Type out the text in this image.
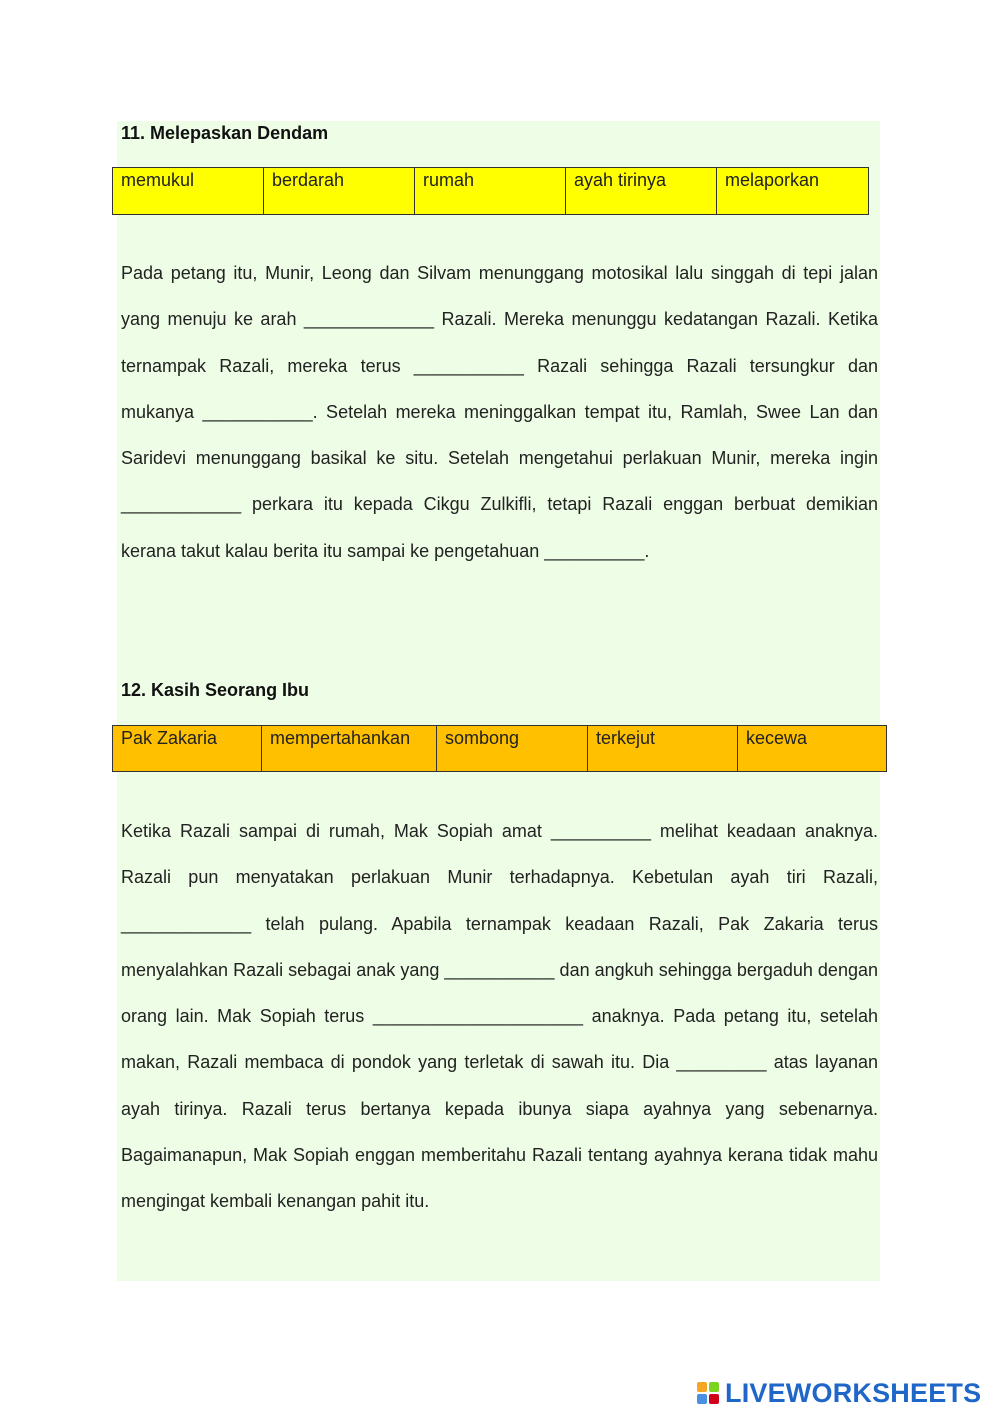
11. Melepaskan Dendam
memukul	berdarah	rumah	ayah tirinya	melaporkan
Pada petang itu, Munir, Leong dan Silvam menunggang motosikal lalu singgah di tepi jalan yang menuju ke arah _____________ Razali. Mereka menunggu kedatangan Razali. Ketika ternampak Razali, mereka terus ___________ Razali sehingga Razali tersungkur dan mukanya ___________. Setelah mereka meninggalkan tempat itu, Ramlah, Swee Lan dan Saridevi menunggang basikal ke situ. Setelah mengetahui perlakuan Munir, mereka ingin ____________ perkara itu kepada Cikgu Zulkifli, tetapi Razali enggan berbuat demikian kerana takut kalau berita itu sampai ke pengetahuan __________.
12. Kasih Seorang Ibu
Pak Zakaria	mempertahankan	sombong	terkejut	kecewa
Ketika Razali sampai di rumah, Mak Sopiah amat __________ melihat keadaan anaknya. Razali pun menyatakan perlakuan Munir terhadapnya. Kebetulan ayah tiri Razali, _____________ telah pulang. Apabila ternampak keadaan Razali, Pak Zakaria terus menyalahkan Razali sebagai anak yang ___________ dan angkuh sehingga bergaduh dengan orang lain. Mak Sopiah terus _____________________ anaknya. Pada petang itu, setelah makan, Razali membaca di pondok yang terletak di sawah itu. Dia _________ atas layanan ayah tirinya. Razali terus bertanya kepada ibunya siapa ayahnya yang sebenarnya. Bagaimanapun, Mak Sopiah enggan memberitahu Razali tentang ayahnya kerana tidak mahu mengingat kembali kenangan pahit itu.
LIVEWORKSHEETS
